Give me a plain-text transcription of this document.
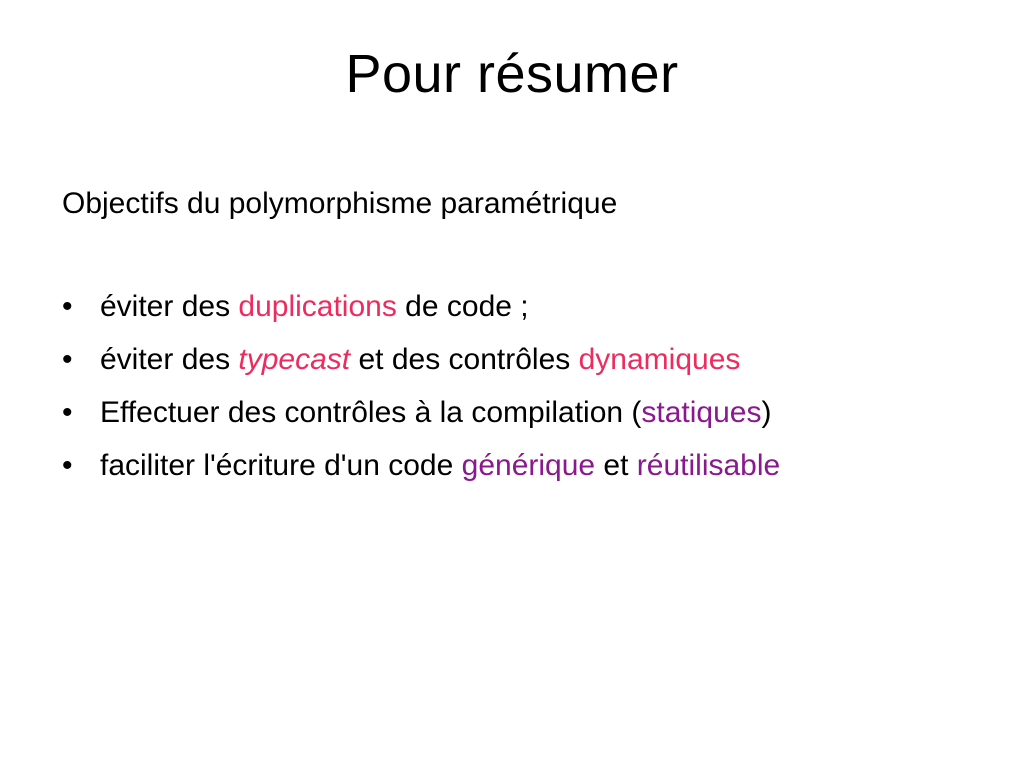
Pour résumer

Objectifs du polymorphisme paramétrique

• éviter des duplications de code ;
• éviter des typecast et des contrôles dynamiques
• Effectuer des contrôles à la compilation (statiques)
• faciliter l'écriture d'un code générique et réutilisable
